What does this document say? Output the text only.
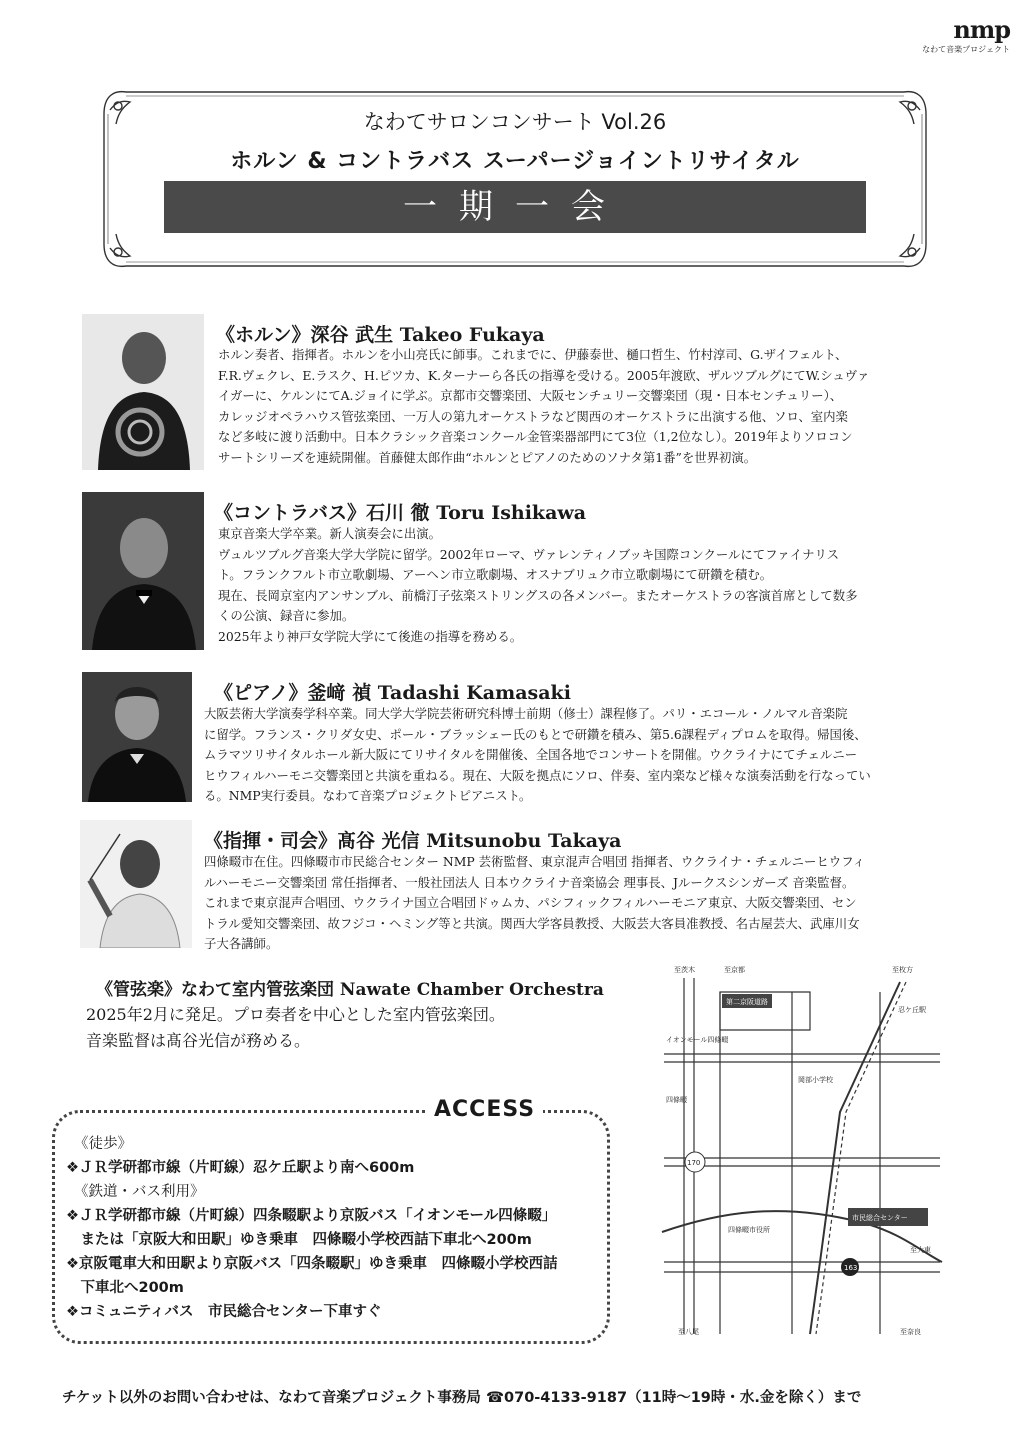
nmp
なわて音楽プロジェクト
なわてサロンコンサート Vol.26
ホルン & コントラバス スーパージョイントリサイタル
一期一会
《ホルン》深谷 武生 Takeo Fukaya
ホルン奏者、指揮者。ホルンを小山亮氏に師事。これまでに、伊藤泰世、樋口哲生、竹村淳司、G.ザイフェルト、
F.R.ヴェクレ、E.ラスク、H.ピツカ、K.ターナーら各氏の指導を受ける。2005年渡欧、ザルツブルグにてW.シュヴァ
イガーに、ケルンにてA.ジョイに学ぶ。京都市交響楽団、大阪センチュリー交響楽団（現・日本センチュリー）、
カレッジオペラハウス管弦楽団、一万人の第九オーケストラなど関西のオーケストラに出演する他、ソロ、室内楽
など多岐に渡り活動中。日本クラシック音楽コンクール金管楽器部門にて3位（1,2位なし）。2019年よりソロコン
サートシリーズを連続開催。首藤健太郎作曲“ホルンとピアノのためのソナタ第1番”を世界初演。
《コントラバス》石川 徹 Toru Ishikawa
東京音楽大学卒業。新人演奏会に出演。
ヴュルツブルグ音楽大学大学院に留学。2002年ローマ、ヴァレンティノブッキ国際コンクールにてファイナリス
ト。フランクフルト市立歌劇場、アーヘン市立歌劇場、オスナブリュク市立歌劇場にて研鑽を積む。
現在、長岡京室内アンサンブル、前橋汀子弦楽ストリングスの各メンバー。またオーケストラの客演首席として数多
くの公演、録音に参加。
2025年より神戸女学院大学にて後進の指導を務める。
《ピアノ》釜﨑 禎 Tadashi Kamasaki
大阪芸術大学演奏学科卒業。同大学大学院芸術研究科博士前期（修士）課程修了。パリ・エコール・ノルマル音楽院
に留学。フランス・クリダ女史、ポール・ブラッシェー氏のもとで研鑽を積み、第5.6課程ディプロムを取得。帰国後、
ムラマツリサイタルホール新大阪にてリサイタルを開催後、全国各地でコンサートを開催。ウクライナにてチェルニー
ヒウフィルハーモニ交響楽団と共演を重ねる。現在、大阪を拠点にソロ、伴奏、室内楽など様々な演奏活動を行なってい
る。NMP実行委員。なわて音楽プロジェクトピアニスト。
《指揮・司会》髙谷 光信 Mitsunobu Takaya
四條畷市在住。四條畷市市民総合センター NMP 芸術監督、東京混声合唱団 指揮者、ウクライナ・チェルニーヒウフィ
ルハーモニー交響楽団 常任指揮者、一般社団法人 日本ウクライナ音楽協会 理事長、Jルークスシンガーズ 音楽監督。
これまで東京混声合唱団、ウクライナ国立合唱団ドゥムカ、パシフィックフィルハーモニア東京、大阪交響楽団、セン
トラル愛知交響楽団、故フジコ・ヘミング等と共演。関西大学客員教授、大阪芸大客員准教授、名古屋芸大、武庫川女
子大各講師。
《管弦楽》なわて室内管弦楽団 Nawate Chamber Orchestra
2025年2月に発足。プロ奏者を中心とした室内管弦楽団。
音楽監督は髙谷光信が務める。
ACCESS
《徒歩》
❖ＪＲ学研都市線（片町線）忍ケ丘駅より南へ600m
《鉄道・バス利用》
❖ＪＲ学研都市線（片町線）四条畷駅より京阪バス「イオンモール四條畷」
　または「京阪大和田駅」ゆき乗車　四條畷小学校西詰下車北へ200m
❖京阪電車大和田駅より京阪バス「四条畷駅」ゆき乗車　四條畷小学校西詰
　下車北へ200m
❖コミュニティバス　市民総合センター下車すぐ
第二京阪道路
至茨木	至京都	至枚方
イオンモール四條畷
四條畷
忍ケ丘駅
岡部小学校
170
市民総合センター
四條畷市役所
163
至大東
至八尾	至奈良
チケット以外のお問い合わせは、なわて音楽プロジェクト事務局 ☎070-4133-9187（11時〜19時・水.金を除く）まで
